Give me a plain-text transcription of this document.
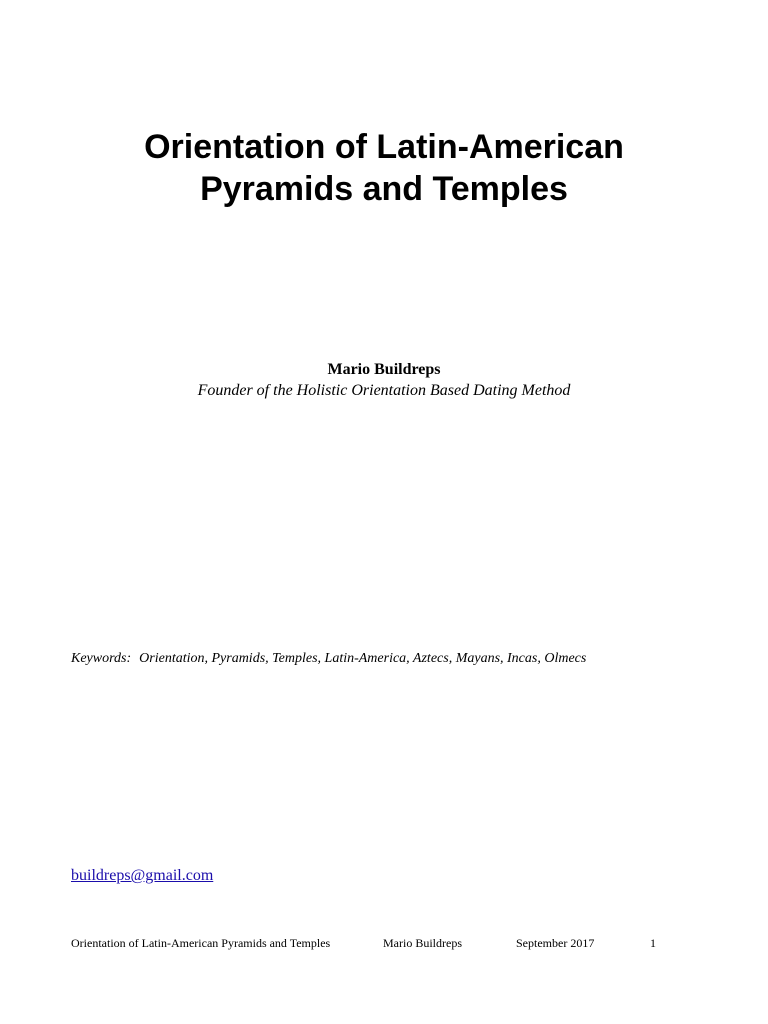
Orientation of Latin-American
Pyramids and Temples
Mario Buildreps
Founder of the Holistic Orientation Based Dating Method
Keywords: Orientation, Pyramids, Temples, Latin-America, Aztecs, Mayans, Incas, Olmecs
buildreps@gmail.com
Orientation of Latin-American Pyramids and Temples	Mario Buildreps	September 2017	1
